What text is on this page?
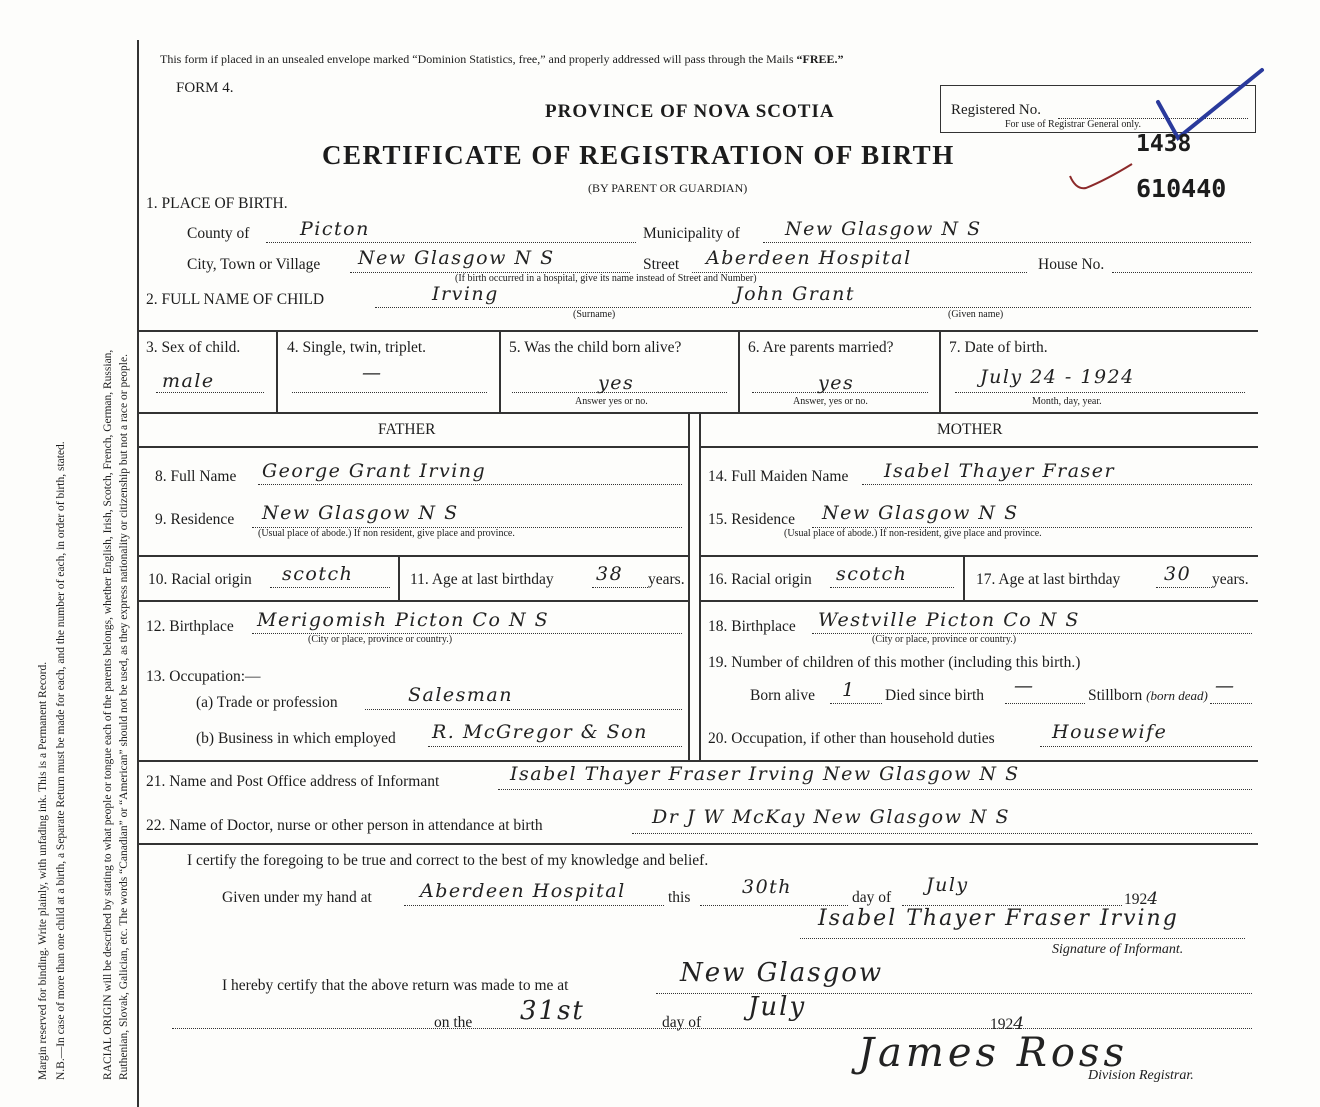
Margin reserved for binding. Write plainly, with unfading ink. This is a Permanent Record. N.B.—In case of more than one child at a birth, a Separate Return must be made for each, and the number of each, in order of birth, stated.	RACIAL ORIGIN will be described by stating to what people or tongue each of the parents belongs, whether English, Irish, Scotch, French, German, Russian, Ruthenian, Slovak, Galician, etc. The words “Canadian” or “American” should not be used, as they express nationality or citizenship but not a race or people.
This form if placed in an unsealed envelope marked “Dominion Statistics, free,” and properly addressed will pass through the Mails “FREE.”
FORM 4.
PROVINCE OF NOVA SCOTIA	Registered No.
For use of Registrar General only.
CERTIFICATE OF REGISTRATION OF BIRTH
(BY PARENT OR GUARDIAN)
1438
610440
1. PLACE OF BIRTH.
County of	Picton	Municipality of New Glasgow N S
City, Town or Village New Glasgow N S	Street Aberdeen Hospital	House No.
(If birth occurred in a hospital, give its name instead of Street and Number)
2. FULL NAME OF CHILD	Irving
(Surname)
John Grant
(Given name)
3. Sex of child.
male
4. Single, twin, triplet.
—
5. Was the child born alive?
yes
Answer yes or no.
6. Are parents married?
yes
Answer, yes or no.
7. Date of birth.
July 24 - 1924
Month, day, year.
FATHER	MOTHER
8. Full Name George Grant Irving
9. Residence New Glasgow N S
(Usual place of abode.) If non resident, give place and province.
10. Racial origin scotch	11. Age at last birthday 38 years.
12. Birthplace Merigomish Picton Co N S
(City or place, province or country.)
13. Occupation:—
(a) Trade or profession	Salesman
(b) Business in which employed R. McGregor & Son
14. Full Maiden Name Isabel Thayer Fraser
15. Residence New Glasgow N S
(Usual place of abode.) If non-resident, give place and province.
16. Racial origin scotch	17. Age at last birthday 30 years.
18. Birthplace Westville Picton Co N S
(City or place, province or country.)
19. Number of children of this mother (including this birth.)
Born alive 1 Died since birth —	Stillborn (born dead) —
20. Occupation, if other than household duties	Housewife
21. Name and Post Office address of Informant	Isabel Thayer Fraser Irving New Glasgow N S
22. Name of Doctor, nurse or other person in attendance at birth	Dr J W McKay New Glasgow N S
I certify the foregoing to be true and correct to the best of my knowledge and belief.
Given under my hand at	Aberdeen Hospital	this	30th	day of
July
1924
Isabel Thayer Fraser Irving
Signature of Informant.
I hereby certify that the above return was made to me at	New Glasgow
on the 31st	day of
July
1924
James Ross
Division Registrar.
